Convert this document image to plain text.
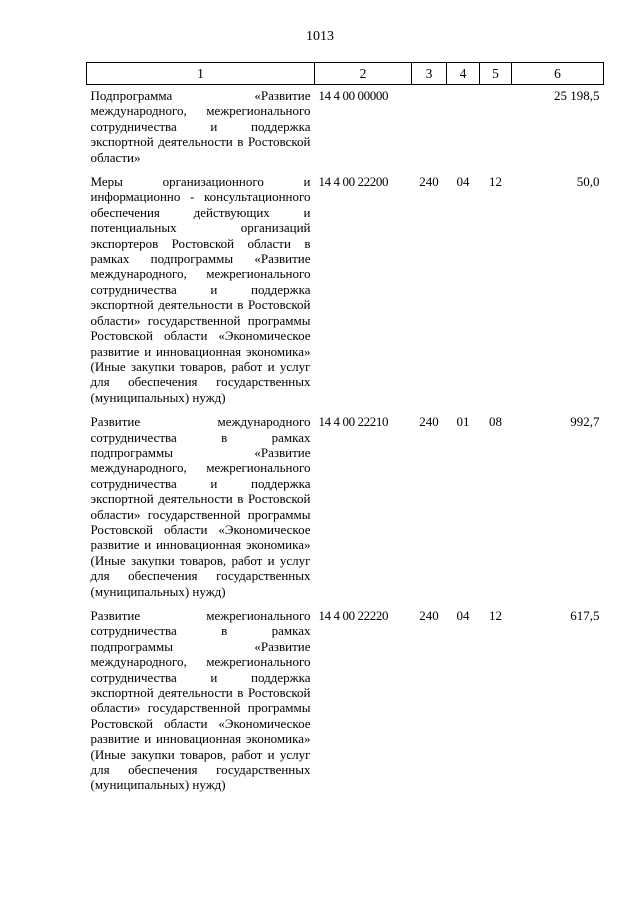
1013
1	2	3	4	5	6
Подпрограмма «Развитие международного, межрегионального сотрудничества и поддержка экспортной деятельности в Ростовской области»	14 4 00 00000				25 198,5
Меры организационного и информационно - консультационного обеспечения действующих и потенциальных организаций экспортеров Ростовской области в рамках подпрограммы «Развитие международного, межрегионального сотрудничества и поддержка экспортной деятельности в Ростовской области» государственной программы Ростовской области «Экономическое развитие и инновационная экономика» (Иные закупки товаров, работ и услуг для обеспечения государственных (муниципальных) нужд)	14 4 00 22200	240	04	12	50,0
Развитие международного сотрудничества в рамках подпрограммы «Развитие международного, межрегионального сотрудничества и поддержка экспортной деятельности в Ростовской области» государственной программы Ростовской области «Экономическое развитие и инновационная экономика» (Иные закупки товаров, работ и услуг для обеспечения государственных (муниципальных) нужд)	14 4 00 22210	240	01	08	992,7
Развитие межрегионального сотрудничества в рамках подпрограммы «Развитие международного, межрегионального сотрудничества и поддержка экспортной деятельности в Ростовской области» государственной программы Ростовской области «Экономическое развитие и инновационная экономика» (Иные закупки товаров, работ и услуг для обеспечения государственных (муниципальных) нужд)	14 4 00 22220	240	04	12	617,5
